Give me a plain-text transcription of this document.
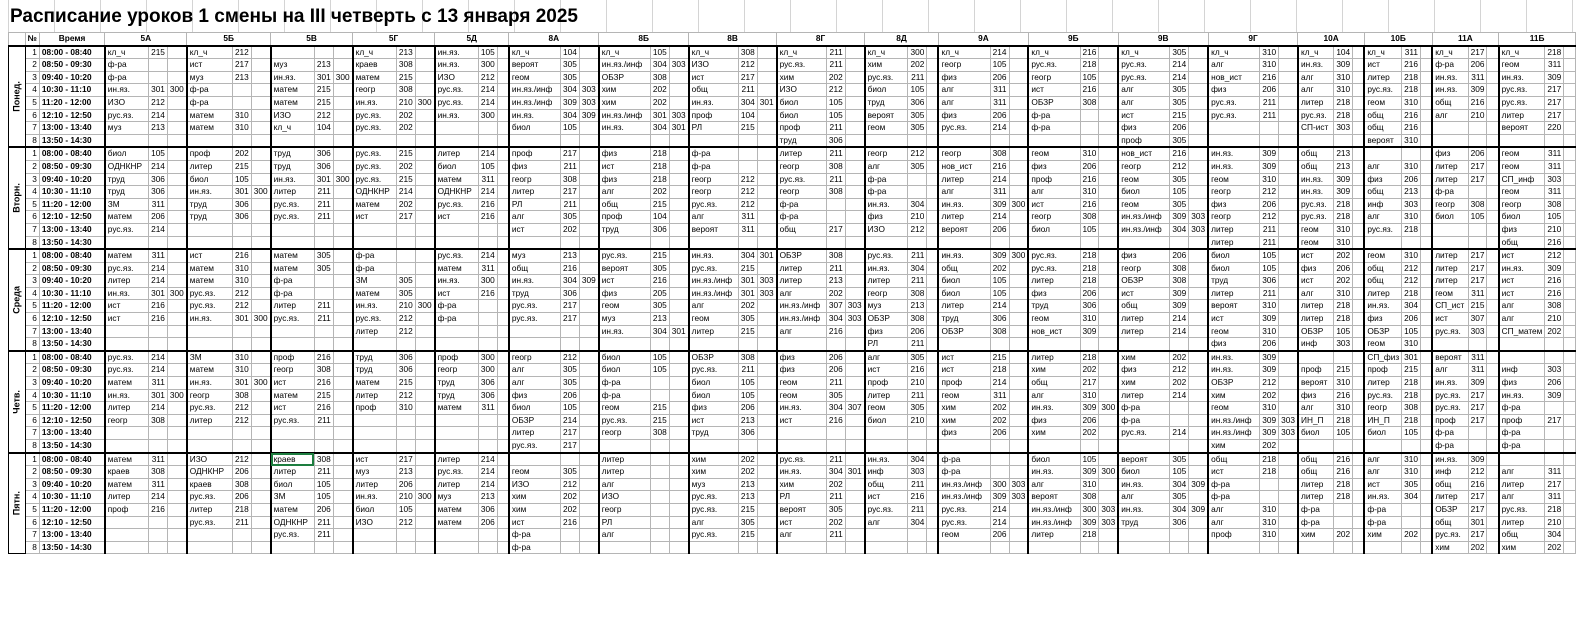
Расписание уроков 1 смены на III четверть с 13 января 2025
	№	Время	5А			5Б			5В			5Г			5Д			8А			8Б			8В			8Г			8Д			9А			9Б			9В			9Г			10А			10Б			11А			11Б		
Понед.	1	08:00 - 08:40	кл_ч	215		кл_ч	212					кл_ч	213		ин.яз.	105		кл_ч	104		кл_ч	105		кл_ч	308		кл_ч	211		кл_ч	300		кл_ч	214		кл_ч	216		кл_ч	305		кл_ч	310		кл_ч	104		кл_ч	311		кл_ч	217		кл_ч	218	
	2	08:50 - 09:30	ф-ра			ист	217		муз	213		краев	308		ин.яз.	300		вероят	305		ин.яз./инф	304	303	ИЗО	212		рус.яз.	211		хим	202		геогр	105		рус.яз.	218		рус.яз.	214		алг	310		ин.яз.	309		ист	216		ф-ра	206		геом	311	
	3	09:40 - 10:20	ф-ра			муз	213		ин.яз.	301	300	матем	215		ИЗО	212		геом	305		ОБЗР	308		ист	217		хим	202		рус.яз.	211		физ	206		геогр	105		рус.яз.	214		нов_ист	216		алг	310		литер	218		ин.яз.	311		ин.яз.	309	
	4	10:30 - 11:10	ин.яз.	301	300	ф-ра			матем	215		геогр	308		рус.яз.	214		ин.яз./инф	304	303	хим	202		общ	211		ИЗО	212		биол	105		алг	311		ист	216		алг	305		физ	206		алг	310		рус.яз.	218		ин.яз.	309		рус.яз.	217	
	5	11:20 - 12:00	ИЗО	212		ф-ра			матем	215		ин.яз.	210	300	рус.яз.	214		ин.яз./инф	309	303	хим	202		ин.яз.	304	301	биол	105		труд	306		алг	311		ОБЗР	308		алг	305		рус.яз.	211		литер	218		геом	310		общ	216		рус.яз.	217	
	6	12:10 - 12:50	рус.яз.	214		матем	310		ИЗО	212		рус.яз.	202		ин.яз.	300		ин.яз.	304	309	ин.яз./инф	301	303	проф	104		биол	105		вероят	305		физ	206		ф-ра			ист	215		рус.яз.	211		рус.яз.	218		общ	216		алг	210		литер	217	
	7	13:00 - 13:40	муз	213		матем	310		кл_ч	104		рус.яз.	202					биол	105		ин.яз.	304	301	РЛ	215		проф	211		геом	305		рус.яз.	214		ф-ра			физ	206					СП-ист	303		общ	216					вероят	220	
	8	13:50 - 14:30																									труд	306											проф	305								вероят	310							
Вторн.	1	08:00 - 08:40	биол	105		проф	202		труд	306		рус.яз.	215		литер	214		проф	217		физ	218		ф-ра			литер	211		геогр	212		геогр	308		геом	310		нов_ист	216		ин.яз.	309		общ	213					физ	206		геом	311	
	2	08:50 - 09:30	ОДНКНР	214		литер	215		труд	306		рус.яз.	202		биол	105		физ	211		ист	218		ф-ра			геогр	308		алг	305		нов_ист	216		физ	206		геогр	212		ин.яз.	309		общ	213		алг	310		литер	217		геом	311	
	3	09:40 - 10:20	труд	306		биол	105		ин.яз.	301	300	рус.яз.	215		матем	311		геогр	308		физ	218		геогр	212		рус.яз.	211		ф-ра			литер	214		проф	216		геом	305		геом	310		ин.яз.	309		физ	206		литер	217		СП_инф	303	
	4	10:30 - 11:10	труд	306		ин.яз.	301	300	литер	211		ОДНКНР	214		ОДНКНР	214		литер	217		алг	202		геогр	212		геогр	308		ф-ра			алг	311		алг	310		биол	105		геогр	212		ин.яз.	309		общ	213		ф-ра			геом	311	
	5	11:20 - 12:00	ЗМ	311		труд	306		рус.яз.	211		матем	202		рус.яз.	216		РЛ	211		общ	215		рус.яз.	212		ф-ра			ин.яз.	304		ин.яз.	309	300	ист	216		геом	305		физ	206		рус.яз.	218		инф	303		геогр	308		геогр	308	
	6	12:10 - 12:50	матем	206		труд	306		рус.яз.	211		ист	217		ист	216		алг	305		проф	104		алг	311		ф-ра			физ	210		литер	214		геогр	308		ин.яз./инф	309	303	геогр	212		рус.яз.	218		алг	310		биол	105		биол	105	
	7	13:00 - 13:40	рус.яз.	214														ист	202		труд	306		вероят	311		общ	217		ИЗО	212		вероят	206		биол	105		ин.яз./инф	304	303	литер	211		геом	310		рус.яз.	218					физ	210	
	8	13:50 - 14:30																																								литер	211		геом	310								общ	216	
Среда	1	08:00 - 08:40	матем	311		ист	216		матем	305		ф-ра			рус.яз.	214		муз	213		рус.яз.	215		ин.яз.	304	301	ОБЗР	308		рус.яз.	211		ин.яз.	309	300	рус.яз.	218		физ	206		биол	105		ист	202		геом	310		литер	217		ист	212	
	2	08:50 - 09:30	рус.яз.	214		матем	310		матем	305		ф-ра			матем	311		общ	216		вероят	305		рус.яз.	215		литер	211		ин.яз.	304		общ	202		рус.яз.	218		геогр	308		биол	105		физ	206		общ	212		литер	217		ин.яз.	309	
	3	09:40 - 10:20	литер	214		матем	310		ф-ра			ЗМ	305		ин.яз.	300		ин.яз.	304	309	ист	216		ин.яз./инф	301	303	литер	213		литер	211		биол	105		литер	218		ОБЗР	308		труд	306		ист	202		общ	212		литер	217		ист	216	
	4	10:30 - 11:10	ин.яз.	301	300	рус.яз.	212		ф-ра			матем	305		ист	216		труд	306		физ	205		ин.яз./инф	301	303	алг	202		геогр	308		биол	105		физ	206		ист	309		литер	211		алг	310		литер	218		геом	311		ист	216	
	5	11:20 - 12:00	ист	216		рус.яз.	212		литер	211		ин.яз.	210	300	ф-ра			рус.яз.	217		геом	305		алг	202		ин.яз./инф	307	303	муз	213		литер	214		труд	306		общ	309		вероят	310		литер	218		ин.яз.	304		СП_ист	215		алг	308	
	6	12:10 - 12:50	ист	216		ин.яз.	301	300	рус.яз.	211		рус.яз.	212		ф-ра			рус.яз.	217		муз	213		геом	305		ин.яз./инф	304	303	ОБЗР	308		труд	306		геом	310		литер	214		ист	309		литер	218		физ	206		ист	307		алг	210	
	7	13:00 - 13:40										литер	212								ин.яз.	304	301	литер	215		алг	216		физ	206		ОБЗР	308		нов_ист	309		литер	214		геом	310		ОБЗР	105		ОБЗР	105		рус.яз.	303		СП_матем	202	
	8	13:50 - 14:30																												РЛ	211											физ	206		инф	303		геом	310							
Четв.	1	08:00 - 08:40	рус.яз.	214		ЗМ	310		проф	216		труд	306		проф	300		геогр	212		биол	105		ОБЗР	308		физ	206		алг	305		ист	215		литер	218		хим	202		ин.яз.	309					СП_физ	301		вероят	311				
	2	08:50 - 09:30	рус.яз.	214		матем	310		геогр	308		труд	306		геогр	300		алг	305		биол	105		рус.яз.	211		физ	206		ист	216		ист	218		хим	202		физ	212		ин.яз.	309		проф	215		проф	215		алг	311		инф	303	
	3	09:40 - 10:20	матем	311		ин.яз.	301	300	ист	216		матем	215		труд	306		алг	305		ф-ра			биол	105		геом	211		проф	210		проф	214		общ	217		хим	202		ОБЗР	212		вероят	310		литер	218		ин.яз.	309		физ	206	
	4	10:30 - 11:10	ин.яз.	301	300	геогр	308		матем	215		литер	212		труд	306		физ	206		ф-ра			биол	105		геом	305		литер	211		геом	311		алг	310		литер	214		хим	202		физ	216		рус.яз.	218		рус.яз.	217		ин.яз.	309	
	5	11:20 - 12:00	литер	214		рус.яз.	212		ист	216		проф	310		матем	311		биол	105		геом	215		физ	206		ин.яз.	304	307	геом	305		хим	202		ин.яз.	309	300	ф-ра			геом	310		алг	310		геогр	308		рус.яз.	217		ф-ра		
	6	12:10 - 12:50	геогр	308		литер	212		рус.яз.	211								ОБЗР	214		рус.яз.	215		ист	213		ист	216		биол	210		хим	202		физ	206		ф-ра			ин.яз./инф	309	303	ИН_П	218		ИН_П	218		проф	217		проф	217	
	7	13:00 - 13:40																литер	217		геогр	308		труд	306								физ	206		хим	202		рус.яз.	214		ин.яз./инф	309	303	биол	105		биол	105		ф-ра			ф-ра		
	8	13:50 - 14:30																рус.яз.	217																							хим	202								ф-ра			ф-ра		
Пятн.	1	08:00 - 08:40	матем	311		ИЗО	212		краев	308		ист	217		литер	214					литер			хим	202		рус.яз.	211		ин.яз.	304		ф-ра			биол	105		вероят	305		общ	218		общ	216		алг	310		ин.яз.	309				
	2	08:50 - 09:30	краев	308		ОДНКНР	206		литер	211		муз	213		рус.яз.	214		геом	305		литер			хим	202		ин.яз.	304	301	инф	303		ф-ра			ин.яз.	309	300	биол	105		ист	218		общ	216		алг	310		инф	212		алг	311	
	3	09:40 - 10:20	матем	311		краев	308		биол	105		литер	206		литер	214		ИЗО	212		алг			муз	213		хим	202		общ	211		ин.яз./инф	300	303	алг	310		ин.яз.	304	309	ф-ра			литер	218		ист	305		общ	216		литер	217	
	4	10:30 - 11:10	литер	214		рус.яз.	206		ЗМ	105		ин.яз.	210	300	муз	213		хим	202		ИЗО			рус.яз.	213		РЛ	211		ист	216		ин.яз./инф	309	303	вероят	308		алг	305		ф-ра			литер	218		ин.яз.	304		литер	217		алг	311	
	5	11:20 - 12:00	проф	216		литер	218		матем	206		биол	105		матем	306		хим	202		геогр			рус.яз.	215		вероят	305		рус.яз.	211		рус.яз.	214		ин.яз./инф	300	303	ин.яз.	304	309	алг	310		ф-ра			ф-ра			ОБЗР	217		рус.яз.	218	
	6	12:10 - 12:50				рус.яз.	211		ОДНКНР	211		ИЗО	212		матем	206		ист	216		РЛ			алг	305		ист	202		алг	304		рус.яз.	214		ин.яз./инф	309	303	труд	306		алг	310		ф-ра			ф-ра			общ	301		литер	210	
	7	13:00 - 13:40							рус.яз.	211								ф-ра			алг			рус.яз.	215		алг	211					геом	206		литер	218					проф	310		хим	202		хим	202		рус.яз.	217		общ	304	
	8	13:50 - 14:30																ф-ра																																	хим	202		хим	202	
